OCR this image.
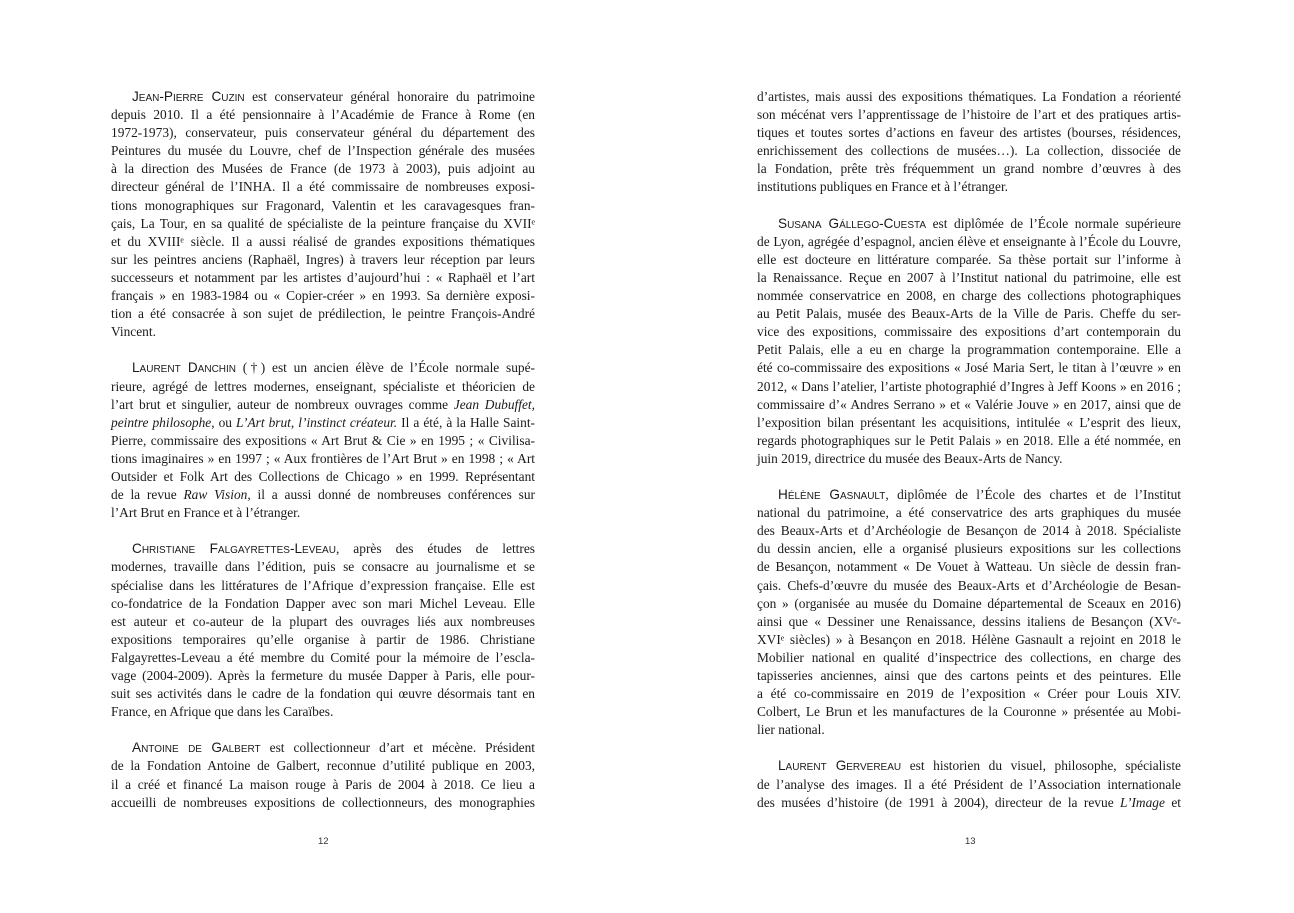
Jean-Pierre Cuzin est conservateur général honoraire du patrimoine
depuis 2010. Il a été pensionnaire à l’Académie de France à Rome (en
1972-1973), conservateur, puis conservateur général du département des
Peintures du musée du Louvre, chef de l’Inspection générale des musées
à la direction des Musées de France (de 1973 à 2003), puis adjoint au
directeur général de l’INHA. Il a été commissaire de nombreuses exposi-
tions monographiques sur Fragonard, Valentin et les caravagesques fran-
çais, La Tour, en sa qualité de spécialiste de la peinture française du XVIIᵉ
et du XVIIIᵉ siècle. Il a aussi réalisé de grandes expositions thématiques
sur les peintres anciens (Raphaël, Ingres) à travers leur réception par leurs
successeurs et notamment par les artistes d’aujourd’hui : « Raphaël et l’art
français » en 1983-1984 ou « Copier-créer » en 1993. Sa dernière exposi-
tion a été consacrée à son sujet de prédilection, le peintre François-André
Vincent.
Laurent Danchin (†) est un ancien élève de l’École normale supé-
rieure, agrégé de lettres modernes, enseignant, spécialiste et théoricien de
l’art brut et singulier, auteur de nombreux ouvrages comme Jean Dubuffet,
peintre philosophe, ou L’Art brut, l’instinct créateur. Il a été, à la Halle Saint-
Pierre, commissaire des expositions « Art Brut & Cie » en 1995 ; « Civilisa-
tions imaginaires » en 1997 ; « Aux frontières de l’Art Brut » en 1998 ; « Art
Outsider et Folk Art des Collections de Chicago » en 1999. Représentant
de la revue Raw Vision, il a aussi donné de nombreuses conférences sur
l’Art Brut en France et à l’étranger.
Christiane Falgayrettes-Leveau, après des études de lettres
modernes, travaille dans l’édition, puis se consacre au journalisme et se
spécialise dans les littératures de l’Afrique d’expression française. Elle est
co-fondatrice de la Fondation Dapper avec son mari Michel Leveau. Elle
est auteur et co-auteur de la plupart des ouvrages liés aux nombreuses
expositions temporaires qu’elle organise à partir de 1986. Christiane
Falgayrettes-Leveau a été membre du Comité pour la mémoire de l’escla-
vage (2004-2009). Après la fermeture du musée Dapper à Paris, elle pour-
suit ses activités dans le cadre de la fondation qui œuvre désormais tant en
France, en Afrique que dans les Caraïbes.
Antoine de Galbert est collectionneur d’art et mécène. Président
de la Fondation Antoine de Galbert, reconnue d’utilité publique en 2003,
il a créé et financé La maison rouge à Paris de 2004 à 2018. Ce lieu a
accueilli de nombreuses expositions de collectionneurs, des monographies
12
d’artistes, mais aussi des expositions thématiques. La Fondation a réorienté
son mécénat vers l’apprentissage de l’histoire de l’art et des pratiques artis-
tiques et toutes sortes d’actions en faveur des artistes (bourses, résidences,
enrichissement des collections de musées…). La collection, dissociée de
la Fondation, prête très fréquemment un grand nombre d’œuvres à des
institutions publiques en France et à l’étranger.
Susana Gállego-Cuesta est diplômée de l’École normale supérieure
de Lyon, agrégée d’espagnol, ancien élève et enseignante à l’École du Louvre,
elle est docteure en littérature comparée. Sa thèse portait sur l’informe à
la Renaissance. Reçue en 2007 à l’Institut national du patrimoine, elle est
nommée conservatrice en 2008, en charge des collections photographiques
au Petit Palais, musée des Beaux-Arts de la Ville de Paris. Cheffe du ser-
vice des expositions, commissaire des expositions d’art contemporain du
Petit Palais, elle a eu en charge la programmation contemporaine. Elle a
été co-commissaire des expositions « José Maria Sert, le titan à l’œuvre » en
2012, « Dans l’atelier, l’artiste photographié d’Ingres à Jeff Koons » en 2016 ;
commissaire d’« Andres Serrano » et « Valérie Jouve » en 2017, ainsi que de
l’exposition bilan présentant les acquisitions, intitulée « L’esprit des lieux,
regards photographiques sur le Petit Palais » en 2018. Elle a été nommée, en
juin 2019, directrice du musée des Beaux-Arts de Nancy.
Hélène Gasnault, diplômée de l’École des chartes et de l’Institut
national du patrimoine, a été conservatrice des arts graphiques du musée
des Beaux-Arts et d’Archéologie de Besançon de 2014 à 2018. Spécialiste
du dessin ancien, elle a organisé plusieurs expositions sur les collections
de Besançon, notamment « De Vouet à Watteau. Un siècle de dessin fran-
çais. Chefs-d’œuvre du musée des Beaux-Arts et d’Archéologie de Besan-
çon » (organisée au musée du Domaine départemental de Sceaux en 2016)
ainsi que « Dessiner une Renaissance, dessins italiens de Besançon (XVᵉ-
XVIᵉ siècles) » à Besançon en 2018. Hélène Gasnault a rejoint en 2018 le
Mobilier national en qualité d’inspectrice des collections, en charge des
tapisseries anciennes, ainsi que des cartons peints et des peintures. Elle
a été co-commissaire en 2019 de l’exposition « Créer pour Louis XIV.
Colbert, Le Brun et les manufactures de la Couronne » présentée au Mobi-
lier national.
Laurent Gervereau est historien du visuel, philosophe, spécialiste
de l’analyse des images. Il a été Président de l’Association internationale
des musées d’histoire (de 1991 à 2004), directeur de la revue L’Image et
13
